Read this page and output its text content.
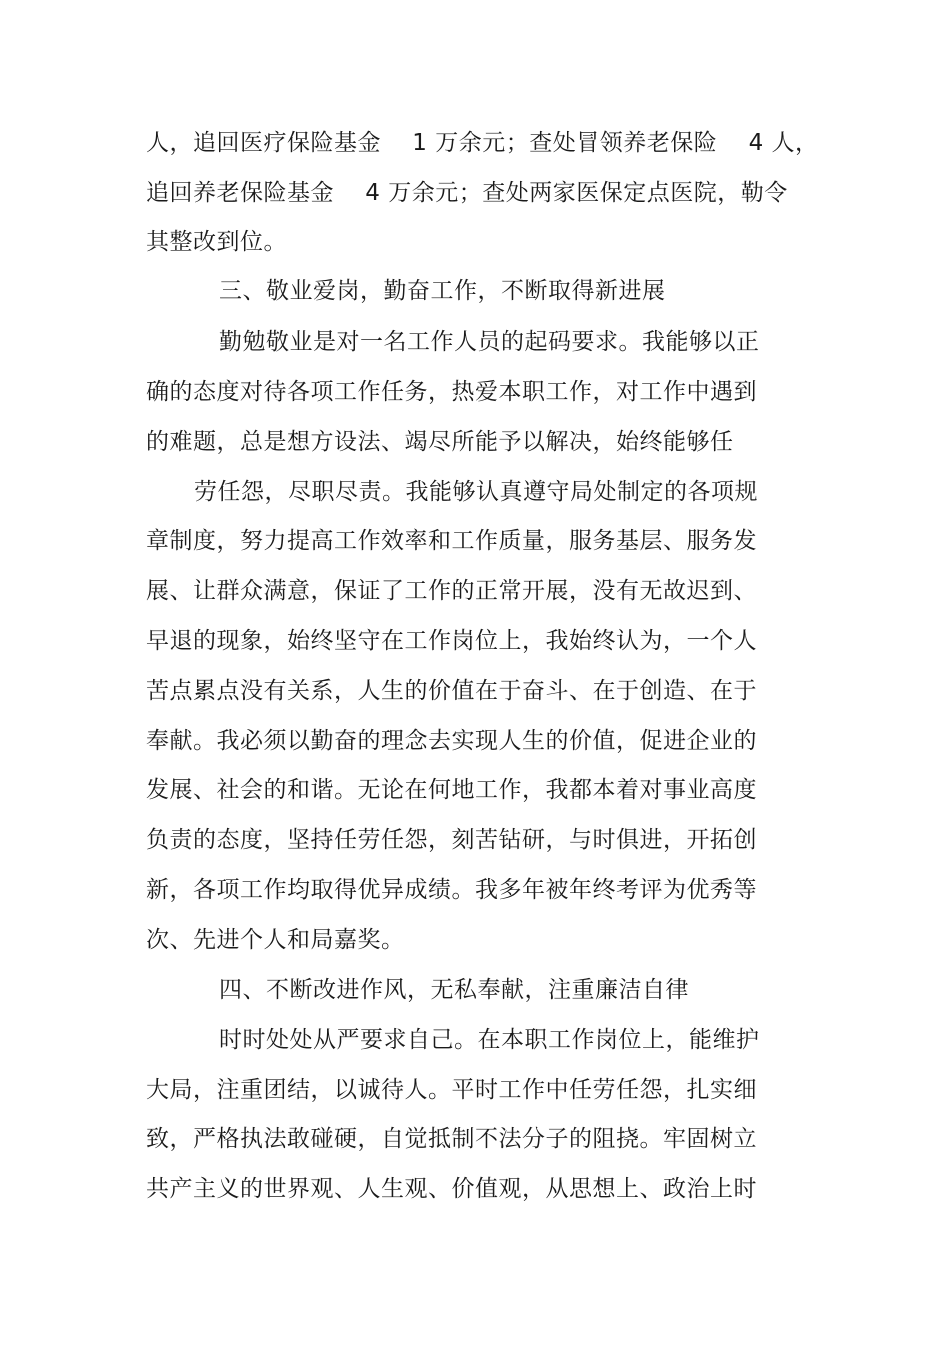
人，追回医疗保险基金　 1 万余元；查处冒领养老保险　 4 人，
追回养老保险基金　 4 万余元；查处两家医保定点医院，勒令
其整改到位。
三、敬业爱岗，勤奋工作，不断取得新进展
勤勉敬业是对一名工作人员的起码要求。我能够以正
确的态度对待各项工作任务，热爱本职工作，对工作中遇到
的难题，总是想方设法、竭尽所能予以解决，始终能够任
劳任怨，尽职尽责。我能够认真遵守局处制定的各项规
章制度，努力提高工作效率和工作质量，服务基层、服务发
展、让群众满意，保证了工作的正常开展，没有无故迟到、
早退的现象，始终坚守在工作岗位上，我始终认为，一个人
苦点累点没有关系，人生的价值在于奋斗、在于创造、在于
奉献。我必须以勤奋的理念去实现人生的价值，促进企业的
发展、社会的和谐。无论在何地工作，我都本着对事业高度
负责的态度，坚持任劳任怨，刻苦钻研，与时俱进，开拓创
新，各项工作均取得优异成绩。我多年被年终考评为优秀等
次、先进个人和局嘉奖。
四、不断改进作风，无私奉献，注重廉洁自律
时时处处从严要求自己。在本职工作岗位上，能维护
大局，注重团结，以诚待人。平时工作中任劳任怨，扎实细
致，严格执法敢碰硬，自觉抵制不法分子的阻挠。牢固树立
共产主义的世界观、人生观、价值观，从思想上、政治上时
